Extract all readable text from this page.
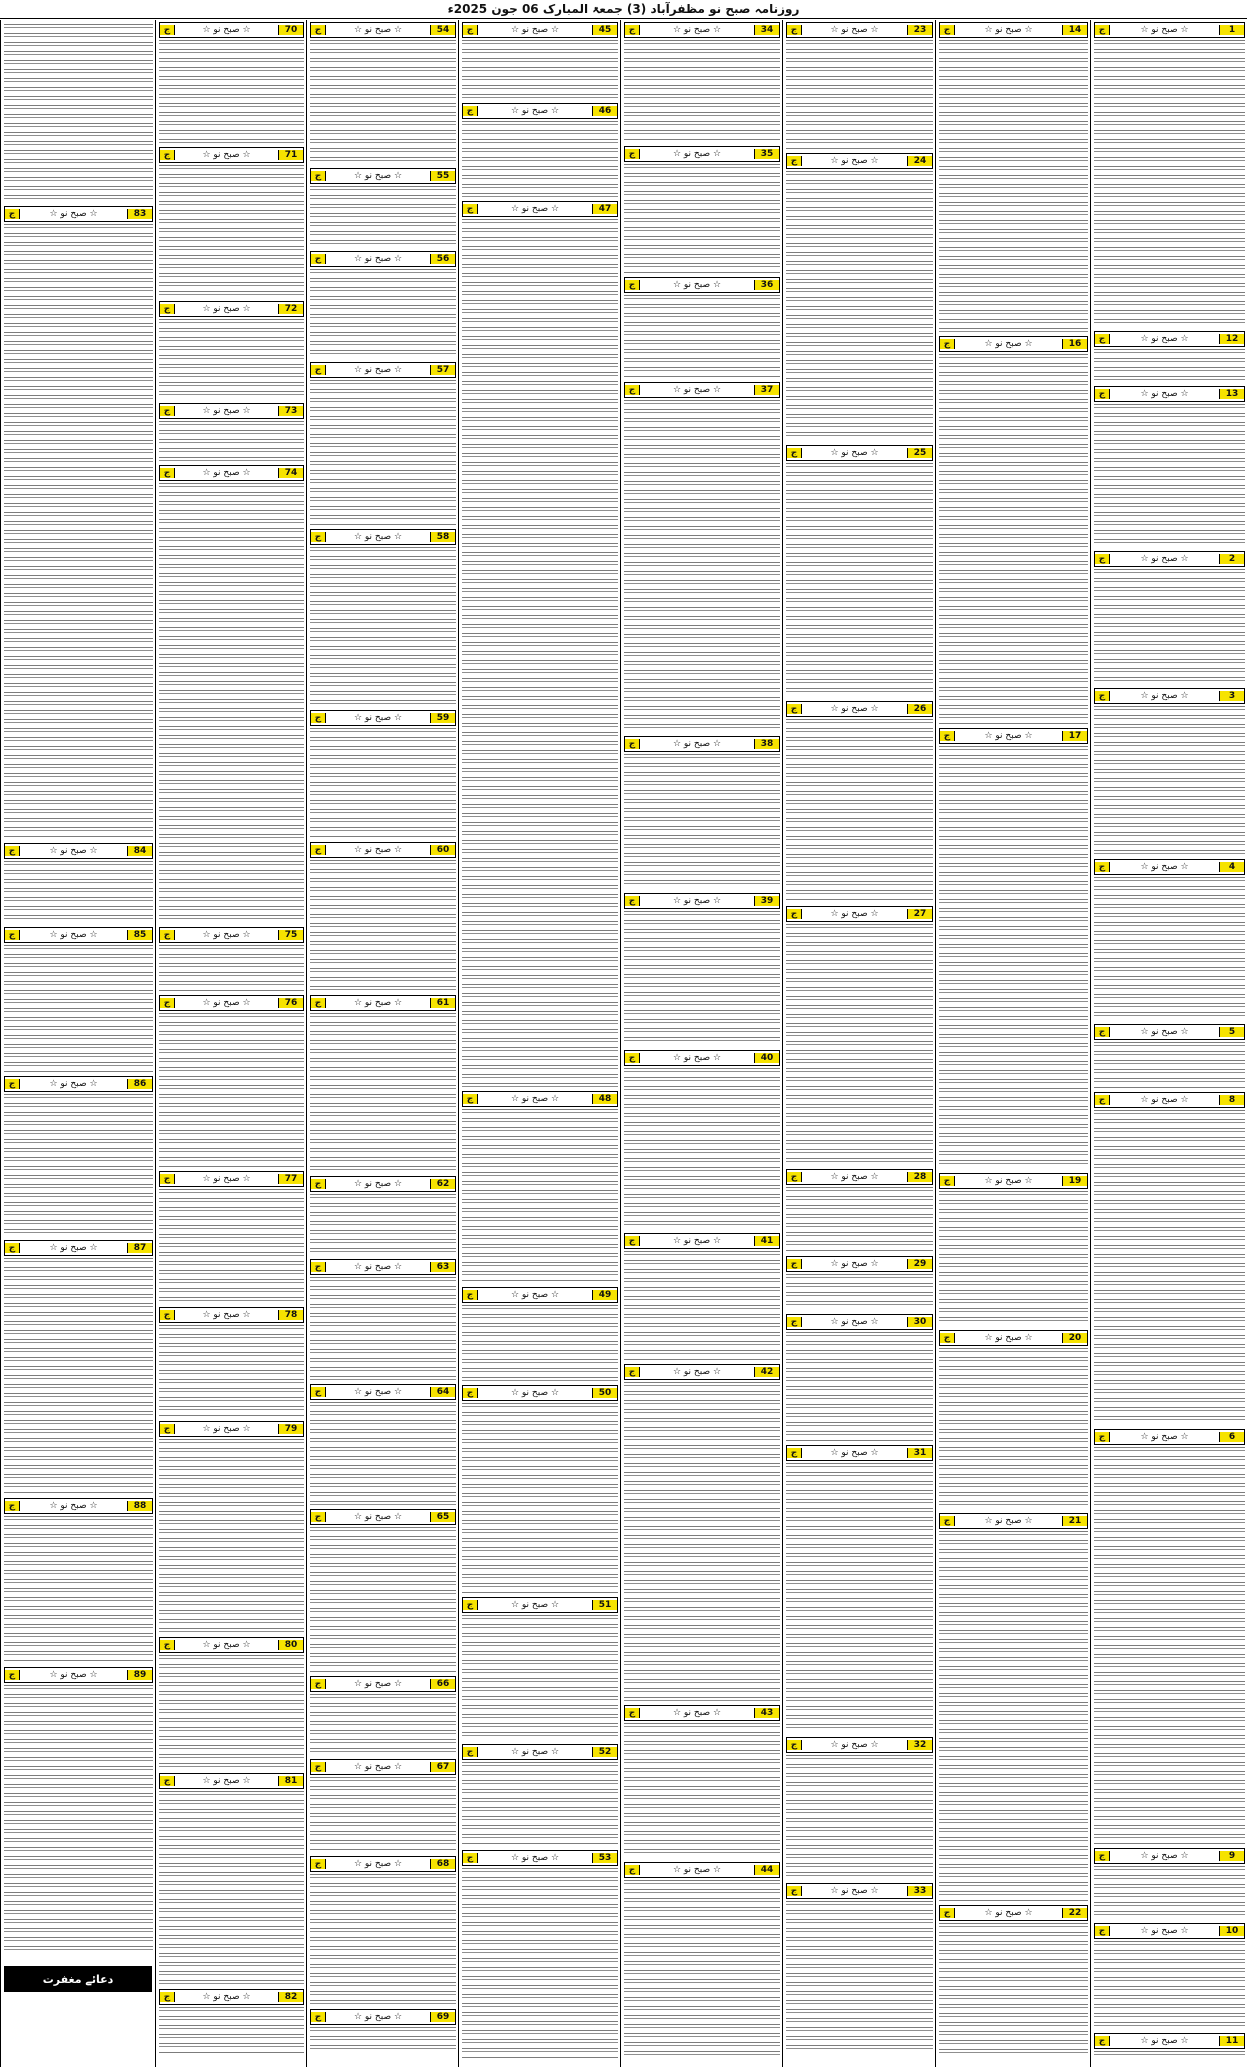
روزنامہ صبح نو مظفرآباد (3) جمعۃ المبارک 06 جون 2025ء
1
☆ صبح نو ☆
ج
12
☆ صبح نو ☆
ج
13
☆ صبح نو ☆
ج
2
☆ صبح نو ☆
ج
3
☆ صبح نو ☆
ج
4
☆ صبح نو ☆
ج
5
☆ صبح نو ☆
ج
8
☆ صبح نو ☆
ج
6
☆ صبح نو ☆
ج
9
☆ صبح نو ☆
ج
10
☆ صبح نو ☆
ج
11
☆ صبح نو ☆
ج
14
☆ صبح نو ☆
ج
16
☆ صبح نو ☆
ج
17
☆ صبح نو ☆
ج
19
☆ صبح نو ☆
ج
20
☆ صبح نو ☆
ج
21
☆ صبح نو ☆
ج
22
☆ صبح نو ☆
ج
23
☆ صبح نو ☆
ج
24
☆ صبح نو ☆
ج
25
☆ صبح نو ☆
ج
26
☆ صبح نو ☆
ج
27
☆ صبح نو ☆
ج
28
☆ صبح نو ☆
ج
29
☆ صبح نو ☆
ج
30
☆ صبح نو ☆
ج
31
☆ صبح نو ☆
ج
32
☆ صبح نو ☆
ج
33
☆ صبح نو ☆
ج
34
☆ صبح نو ☆
ج
35
☆ صبح نو ☆
ج
36
☆ صبح نو ☆
ج
37
☆ صبح نو ☆
ج
38
☆ صبح نو ☆
ج
39
☆ صبح نو ☆
ج
40
☆ صبح نو ☆
ج
41
☆ صبح نو ☆
ج
42
☆ صبح نو ☆
ج
43
☆ صبح نو ☆
ج
44
☆ صبح نو ☆
ج
45
☆ صبح نو ☆
ج
46
☆ صبح نو ☆
ج
47
☆ صبح نو ☆
ج
48
☆ صبح نو ☆
ج
49
☆ صبح نو ☆
ج
50
☆ صبح نو ☆
ج
51
☆ صبح نو ☆
ج
52
☆ صبح نو ☆
ج
53
☆ صبح نو ☆
ج
54
☆ صبح نو ☆
ج
55
☆ صبح نو ☆
ج
56
☆ صبح نو ☆
ج
57
☆ صبح نو ☆
ج
58
☆ صبح نو ☆
ج
59
☆ صبح نو ☆
ج
60
☆ صبح نو ☆
ج
61
☆ صبح نو ☆
ج
62
☆ صبح نو ☆
ج
63
☆ صبح نو ☆
ج
64
☆ صبح نو ☆
ج
65
☆ صبح نو ☆
ج
66
☆ صبح نو ☆
ج
67
☆ صبح نو ☆
ج
68
☆ صبح نو ☆
ج
69
☆ صبح نو ☆
ج
70
☆ صبح نو ☆
ج
71
☆ صبح نو ☆
ج
72
☆ صبح نو ☆
ج
73
☆ صبح نو ☆
ج
74
☆ صبح نو ☆
ج
75
☆ صبح نو ☆
ج
76
☆ صبح نو ☆
ج
77
☆ صبح نو ☆
ج
78
☆ صبح نو ☆
ج
79
☆ صبح نو ☆
ج
80
☆ صبح نو ☆
ج
81
☆ صبح نو ☆
ج
82
☆ صبح نو ☆
ج
83
☆ صبح نو ☆
ج
84
☆ صبح نو ☆
ج
85
☆ صبح نو ☆
ج
86
☆ صبح نو ☆
ج
87
☆ صبح نو ☆
ج
88
☆ صبح نو ☆
ج
89
☆ صبح نو ☆
ج
دعائے مغفرت
